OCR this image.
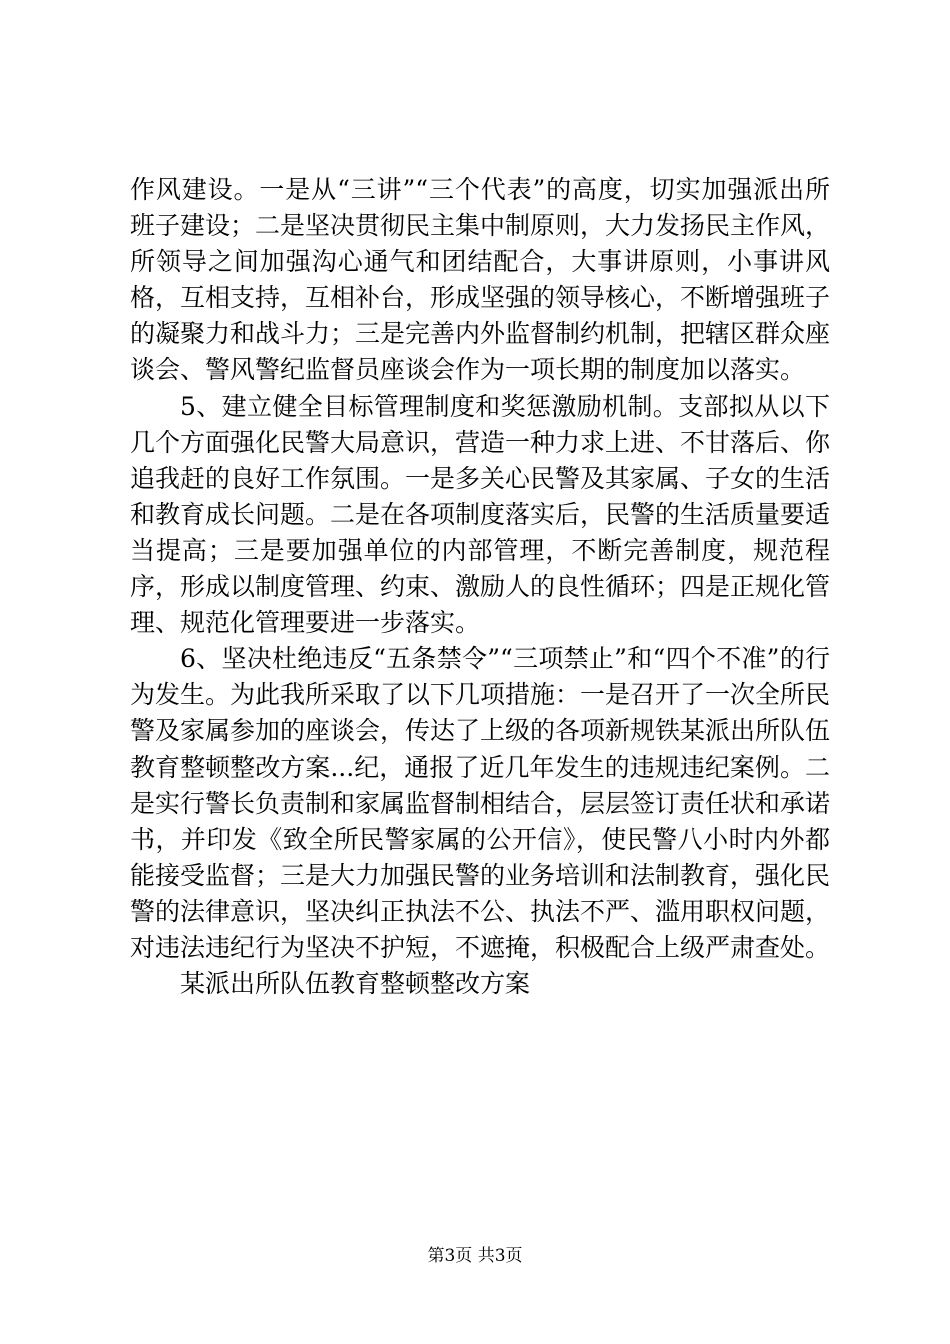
作风建设。一是从“三讲”“三个代表”的高度，切实加强派出所班子建设；二是坚决贯彻民主集中制原则，大力发扬民主作风，所领导之间加强沟心通气和团结配合，大事讲原则，小事讲风格，互相支持，互相补台，形成坚强的领导核心，不断增强班子的凝聚力和战斗力；三是完善内外监督制约机制，把辖区群众座谈会、警风警纪监督员座谈会作为一项长期的制度加以落实。

5、建立健全目标管理制度和奖惩激励机制。支部拟从以下几个方面强化民警大局意识，营造一种力求上进、不甘落后、你追我赶的良好工作氛围。一是多关心民警及其家属、子女的生活和教育成长问题。二是在各项制度落实后，民警的生活质量要适当提高；三是要加强单位的内部管理，不断完善制度，规范程序，形成以制度管理、约束、激励人的良性循环；四是正规化管理、规范化管理要进一步落实。

6、坚决杜绝违反“五条禁令”“三项禁止”和“四个不准”的行为发生。为此我所采取了以下几项措施：一是召开了一次全所民警及家属参加的座谈会，传达了上级的各项新规铁某派出所队伍教育整顿整改方案...纪，通报了近几年发生的违规违纪案例。二是实行警长负责制和家属监督制相结合，层层签订责任状和承诺书，并印发《致全所民警家属的公开信》，使民警八小时内外都能接受监督；三是大力加强民警的业务培训和法制教育，强化民警的法律意识，坚决纠正执法不公、执法不严、滥用职权问题，对违法违纪行为坚决不护短，不遮掩，积极配合上级严肃查处。

某派出所队伍教育整顿整改方案

第3页 共3页
